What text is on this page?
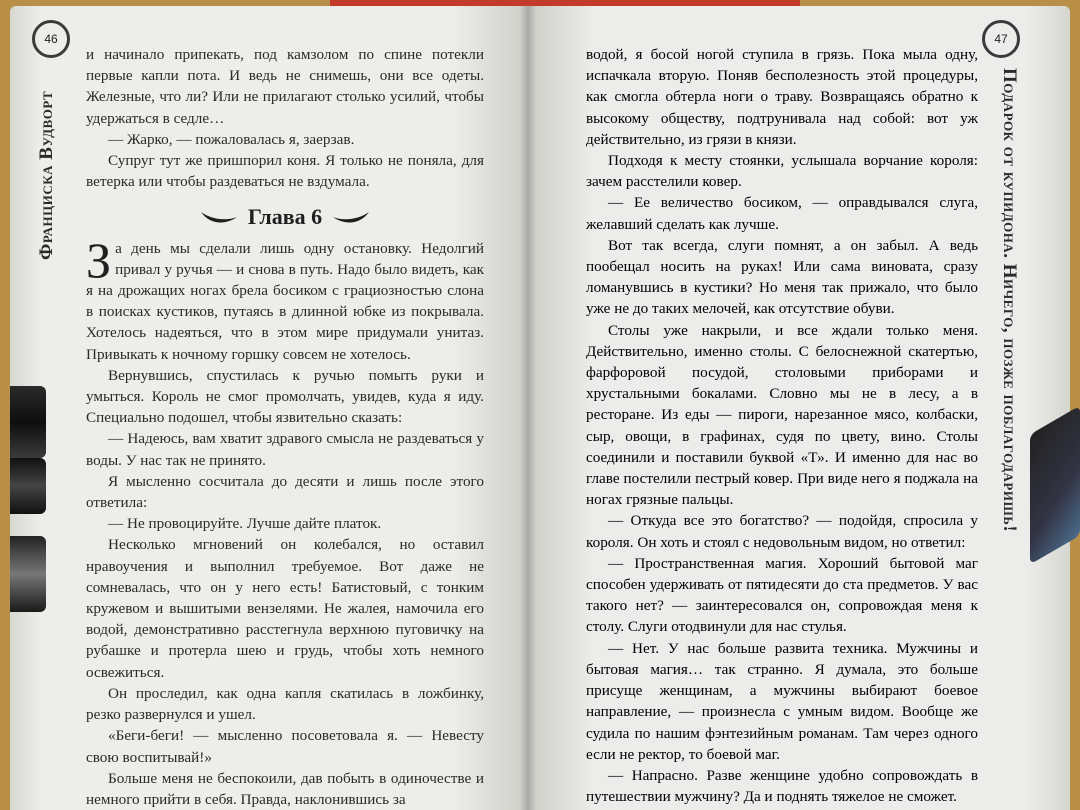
46
Франциска Вудворт

и начинало припекать, под камзолом по спине потекли первые капли пота. И ведь не снимешь, они все одеты. Железные, что ли? Или не прилагают столько усилий, чтобы удержаться в седле…

— Жарко, — пожаловалась я, заерзав.

Супруг тут же пришпорил коня. Я только не поняла, для ветерка или чтобы раздеваться не вздумала.

Глава 6

За день мы сделали лишь одну остановку. Недолгий привал у ручья — и снова в путь. Надо было видеть, как я на дрожащих ногах брела босиком с грациозностью слона в поисках кустиков, путаясь в длинной юбке из покрывала. Хотелось надеяться, что в этом мире придумали унитаз. Привыкать к ночному горшку совсем не хотелось.

Вернувшись, спустилась к ручью помыть руки и умыться. Король не смог промолчать, увидев, куда я иду. Специально подошел, чтобы язвительно сказать:

— Надеюсь, вам хватит здравого смысла не раздеваться у воды. У нас так не принято.

Я мысленно сосчитала до десяти и лишь после этого ответила:

— Не провоцируйте. Лучше дайте платок.

Несколько мгновений он колебался, но оставил нравоучения и выполнил требуемое. Вот даже не сомневалась, что он у него есть! Батистовый, с тонким кружевом и вышитыми вензелями. Не жалея, намочила его водой, демонстративно расстегнула верхнюю пуговичку на рубашке и протерла шею и грудь, чтобы хоть немного освежиться.

Он проследил, как одна капля скатилась в ложбинку, резко развернулся и ушел.

«Беги-беги! — мысленно посоветовала я. — Невесту свою воспитывай!»

Больше меня не беспокоили, дав побыть в одиночестве и немного прийти в себя. Правда, наклонившись за

47
Подарок от купидона. Ничего, позже поблагодаришь!

водой, я босой ногой ступила в грязь. Пока мыла одну, испачкала вторую. Поняв бесполезность этой процедуры, как смогла обтерла ноги о траву. Возвращаясь обратно к высокому обществу, подтрунивала над собой: вот уж действительно, из грязи в князи.

Подходя к месту стоянки, услышала ворчание короля: зачем расстелили ковер.

— Ее величество босиком, — оправдывался слуга, желавший сделать как лучше.

Вот так всегда, слуги помнят, а он забыл. А ведь пообещал носить на руках! Или сама виновата, сразу ломанувшись в кустики? Но меня так прижало, что было уже не до таких мелочей, как отсутствие обуви.

Столы уже накрыли, и все ждали только меня. Действительно, именно столы. С белоснежной скатертью, фарфоровой посудой, столовыми приборами и хрустальными бокалами. Словно мы не в лесу, а в ресторане. Из еды — пироги, нарезанное мясо, колбаски, сыр, овощи, в графинах, судя по цвету, вино. Столы соединили и поставили буквой «Т». И именно для нас во главе постелили пестрый ковер. При виде него я поджала на ногах грязные пальцы.

— Откуда все это богатство? — подойдя, спросила у короля. Он хоть и стоял с недовольным видом, но ответил:

— Пространственная магия. Хороший бытовой маг способен удерживать от пятидесяти до ста предметов. У вас такого нет? — заинтересовался он, сопровождая меня к столу. Слуги отодвинули для нас стулья.

— Нет. У нас больше развита техника. Мужчины и бытовая магия… так странно. Я думала, это больше присуще женщинам, а мужчины выбирают боевое направление, — произнесла с умным видом. Вообще же судила по нашим фэнтезийным романам. Там через одного если не ректор, то боевой маг.

— Напрасно. Разве женщине удобно сопровождать в путешествии мужчину? Да и поднять тяжелое не сможет.
